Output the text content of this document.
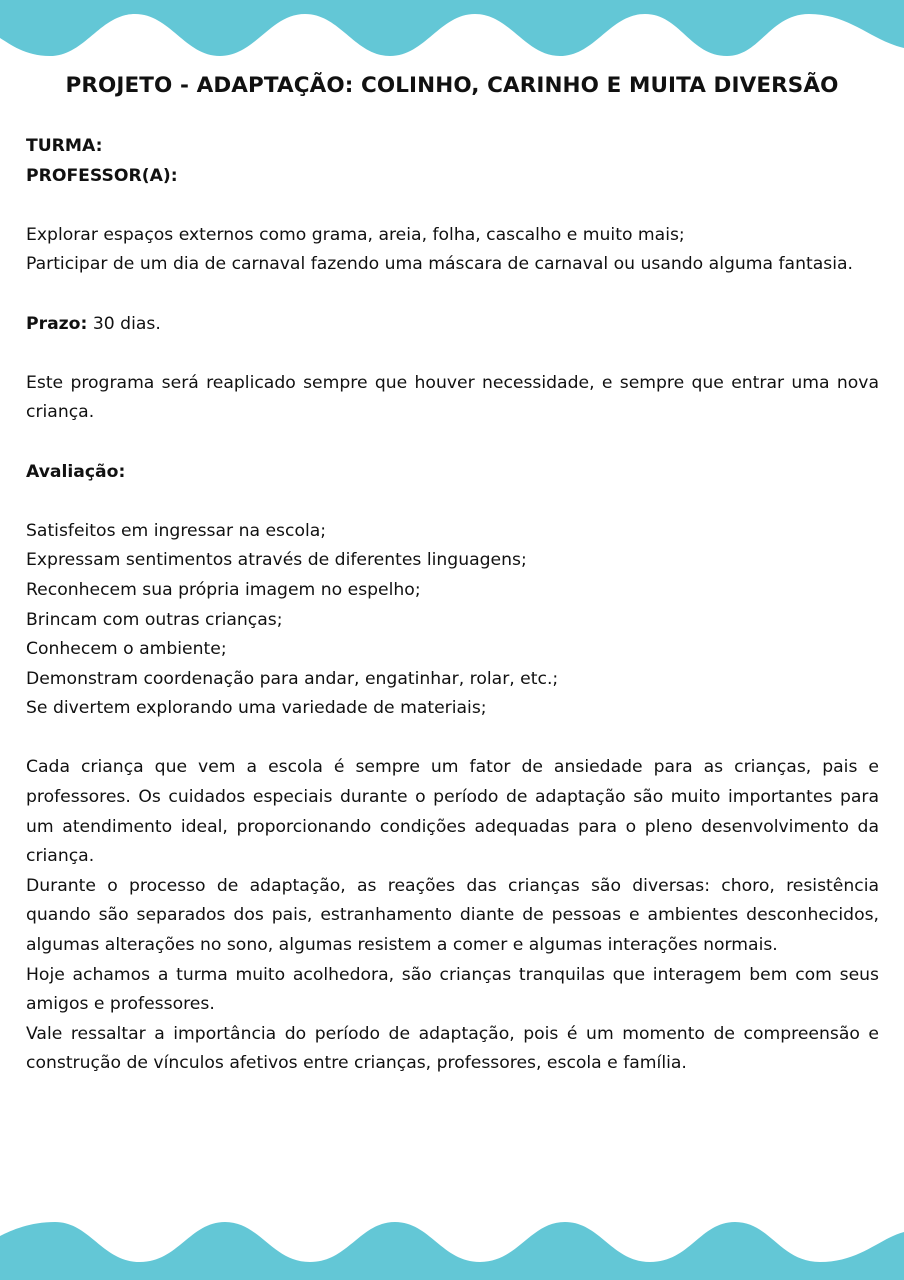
PROJETO - ADAPTAÇÃO: COLINHO, CARINHO E MUITA DIVERSÃO

TURMA:

PROFESSOR(A):

Explorar espaços externos como grama, areia, folha, cascalho e muito mais;

Participar de um dia de carnaval fazendo uma máscara de carnaval ou usando alguma fantasia.

Prazo: 30 dias.

Este programa será reaplicado sempre que houver necessidade, e sempre que entrar uma nova criança.

Avaliação:

Satisfeitos em ingressar na escola;

Expressam sentimentos através de diferentes linguagens;

Reconhecem sua própria imagem no espelho;

Brincam com outras crianças;

Conhecem o ambiente;

Demonstram coordenação para andar, engatinhar, rolar, etc.;

Se divertem explorando uma variedade de materiais;

Cada criança que vem a escola é sempre um fator de ansiedade para as crianças, pais e professores. Os cuidados especiais durante o período de adaptação são muito importantes para um atendimento ideal, proporcionando condições adequadas para o pleno desenvolvimento da criança.

Durante o processo de adaptação, as reações das crianças são diversas: choro, resistência quando são separados dos pais, estranhamento diante de pessoas e ambientes desconhecidos, algumas alterações no sono, algumas resistem a comer e algumas interações normais.

Hoje achamos a turma muito acolhedora, são crianças tranquilas que interagem bem com seus amigos e professores.

Vale ressaltar a importância do período de adaptação, pois é um momento de compreensão e construção de vínculos afetivos entre crianças, professores, escola e família.
